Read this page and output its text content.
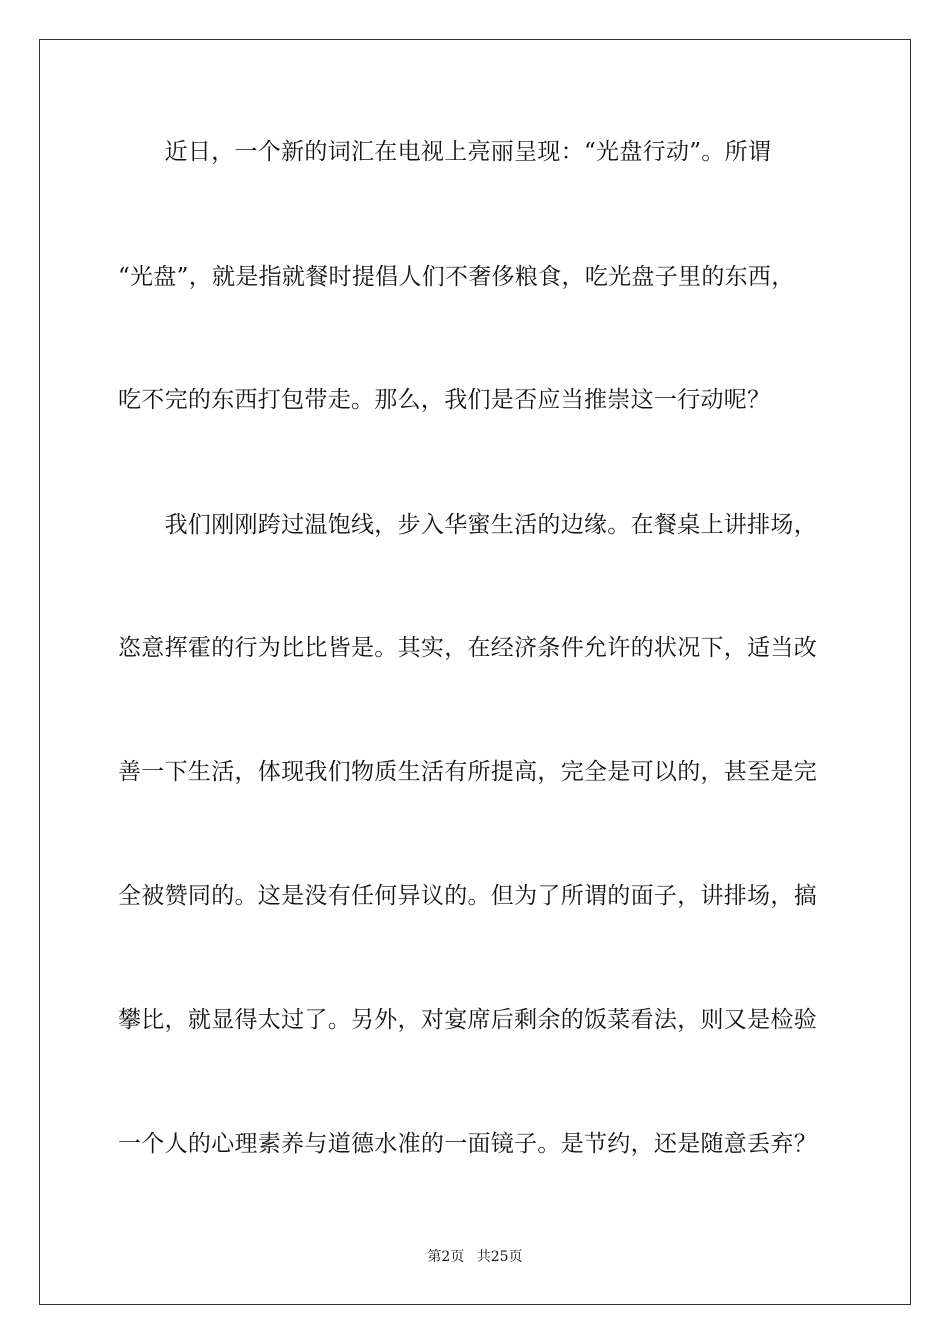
　　近日，一个新的词汇在电视上亮丽呈现：“光盘行动”。所谓
“光盘”，就是指就餐时提倡人们不奢侈粮食，吃光盘子里的东西，
吃不完的东西打包带走。那么，我们是否应当推崇这一行动呢？
　　我们刚刚跨过温饱线，步入华蜜生活的边缘。在餐桌上讲排场，
恣意挥霍的行为比比皆是。其实，在经济条件允许的状况下，适当改
善一下生活，体现我们物质生活有所提高，完全是可以的，甚至是完
全被赞同的。这是没有任何异议的。但为了所谓的面子，讲排场，搞
攀比，就显得太过了。另外，对宴席后剩余的饭菜看法，则又是检验
一个人的心理素养与道德水准的一面镜子。是节约，还是随意丢弃？
第2页 共25页
